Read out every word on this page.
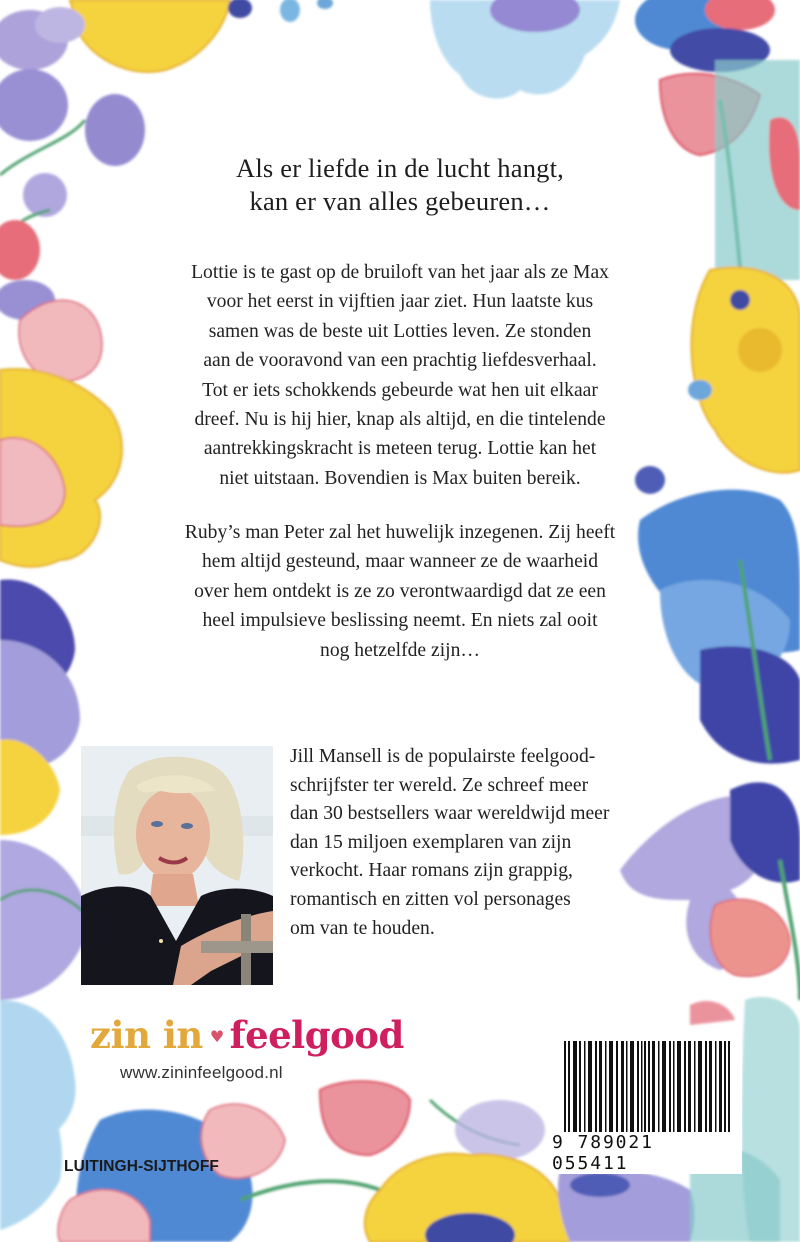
Als er liefde in de lucht hangt,
kan er van alles gebeuren…
Lottie is te gast op de bruiloft van het jaar als ze Max
voor het eerst in vijftien jaar ziet. Hun laatste kus
samen was de beste uit Lotties leven. Ze stonden
aan de vooravond van een prachtig liefdesverhaal.
Tot er iets schokkends gebeurde wat hen uit elkaar
dreef. Nu is hij hier, knap als altijd, en die tintelende
aantrekkingskracht is meteen terug. Lottie kan het
niet uitstaan. Bovendien is Max buiten bereik.
Ruby’s man Peter zal het huwelijk inzegenen. Zij heeft
hem altijd gesteund, maar wanneer ze de waarheid
over hem ontdekt is ze zo verontwaardigd dat ze een
heel impulsieve beslissing neemt. En niets zal ooit
nog hetzelfde zijn…
Jill Mansell is de populairste feelgood-
schrijfster ter wereld. Ze schreef meer
dan 30 bestsellers waar wereldwijd meer
dan 15 miljoen exemplaren van zijn
verkocht. Haar romans zijn grappig,
romantisch en zitten vol personages
om van te houden.
zin in ♥ feelgood
www.zininfeelgood.nl
LUITINGH-SIJTHOFF
9 789021 055411
